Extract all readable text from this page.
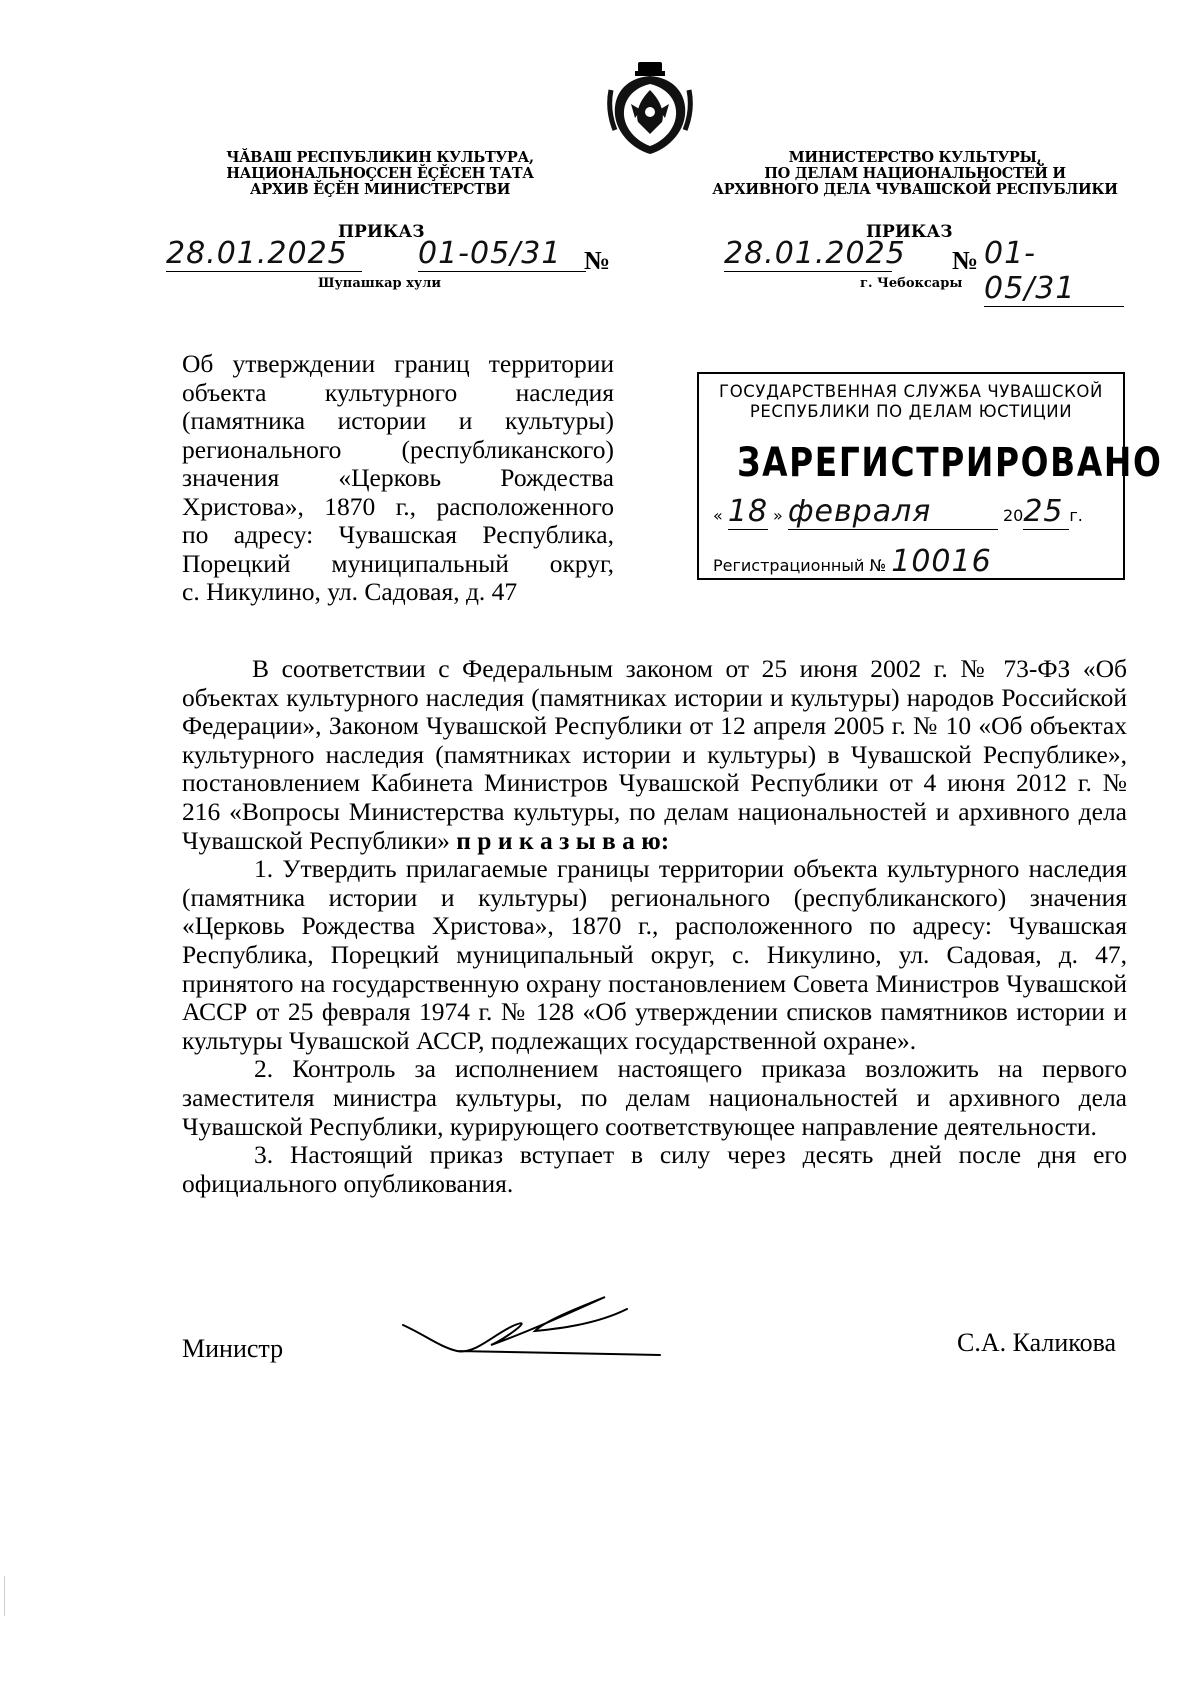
ЧĂВАШ РЕСПУБЛИКИН КУЛЬТУРА,
НАЦИОНАЛЬНОÇСЕН ĚÇĚСЕН ТАТА
АРХИВ ĚÇĚН МИНИСТЕРСТВИ
МИНИСТЕРСТВО КУЛЬТУРЫ,
ПО ДЕЛАМ НАЦИОНАЛЬНОСТЕЙ И
АРХИВНОГО ДЕЛА ЧУВАШСКОЙ РЕСПУБЛИКИ
ПРИКАЗ
28.01.2025	01-05/31 №
Шупашкар хули
ПРИКАЗ
28.01.2025 № 01-05/31
г. Чебоксары
Об утверждении границ территории
объекта культурного наследия
(памятника истории и культуры)
регионального (республиканского)
значения «Церковь Рождества
Христова», 1870 г., расположенного
по адресу: Чувашская Республика,
Порецкий муниципальный округ,
с. Никулино, ул. Садовая, д. 47
ГОСУДАРСТВЕННАЯ СЛУЖБА ЧУВАШСКОЙ
РЕСПУБЛИКИ ПО ДЕЛАМ ЮСТИЦИИ
ЗАРЕГИСТРИРОВАНО
« 18 » февраля	2025 г.
Регистрационный № 10016

В соответствии с Федеральным законом от 25 июня 2002 г. № 73-ФЗ «Об объектах культурного наследия (памятниках истории и культуры) народов Российской Федерации», Законом Чувашской Республики от 12 апреля 2005 г. № 10 «Об объектах культурного наследия (памятниках истории и культуры) в Чувашской Республике», постановлением Кабинета Министров Чувашской Республики от 4 июня 2012 г. № 216 «Вопросы Министерства культуры, по делам национальностей и архивного дела Чувашской Республики» п р и к а з ы в а ю:

1. Утвердить прилагаемые границы территории объекта культурного наследия (памятника истории и культуры) регионального (республиканского) значения «Церковь Рождества Христова», 1870 г., расположенного по адресу: Чувашская Республика, Порецкий муниципальный округ, с. Никулино, ул. Садовая, д. 47, принятого на государственную охрану постановлением Совета Министров Чувашской АССР от 25 февраля 1974 г. № 128 «Об утверждении списков памятников истории и культуры Чувашской АССР, подлежащих государственной охране».

2. Контроль за исполнением настоящего приказа возложить на первого заместителя министра культуры, по делам национальностей и архивного дела Чувашской Республики, курирующего соответствующее направление деятельности.

3. Настоящий приказ вступает в силу через десять дней после дня его официального опубликования.

Министр	С.А. Каликова
